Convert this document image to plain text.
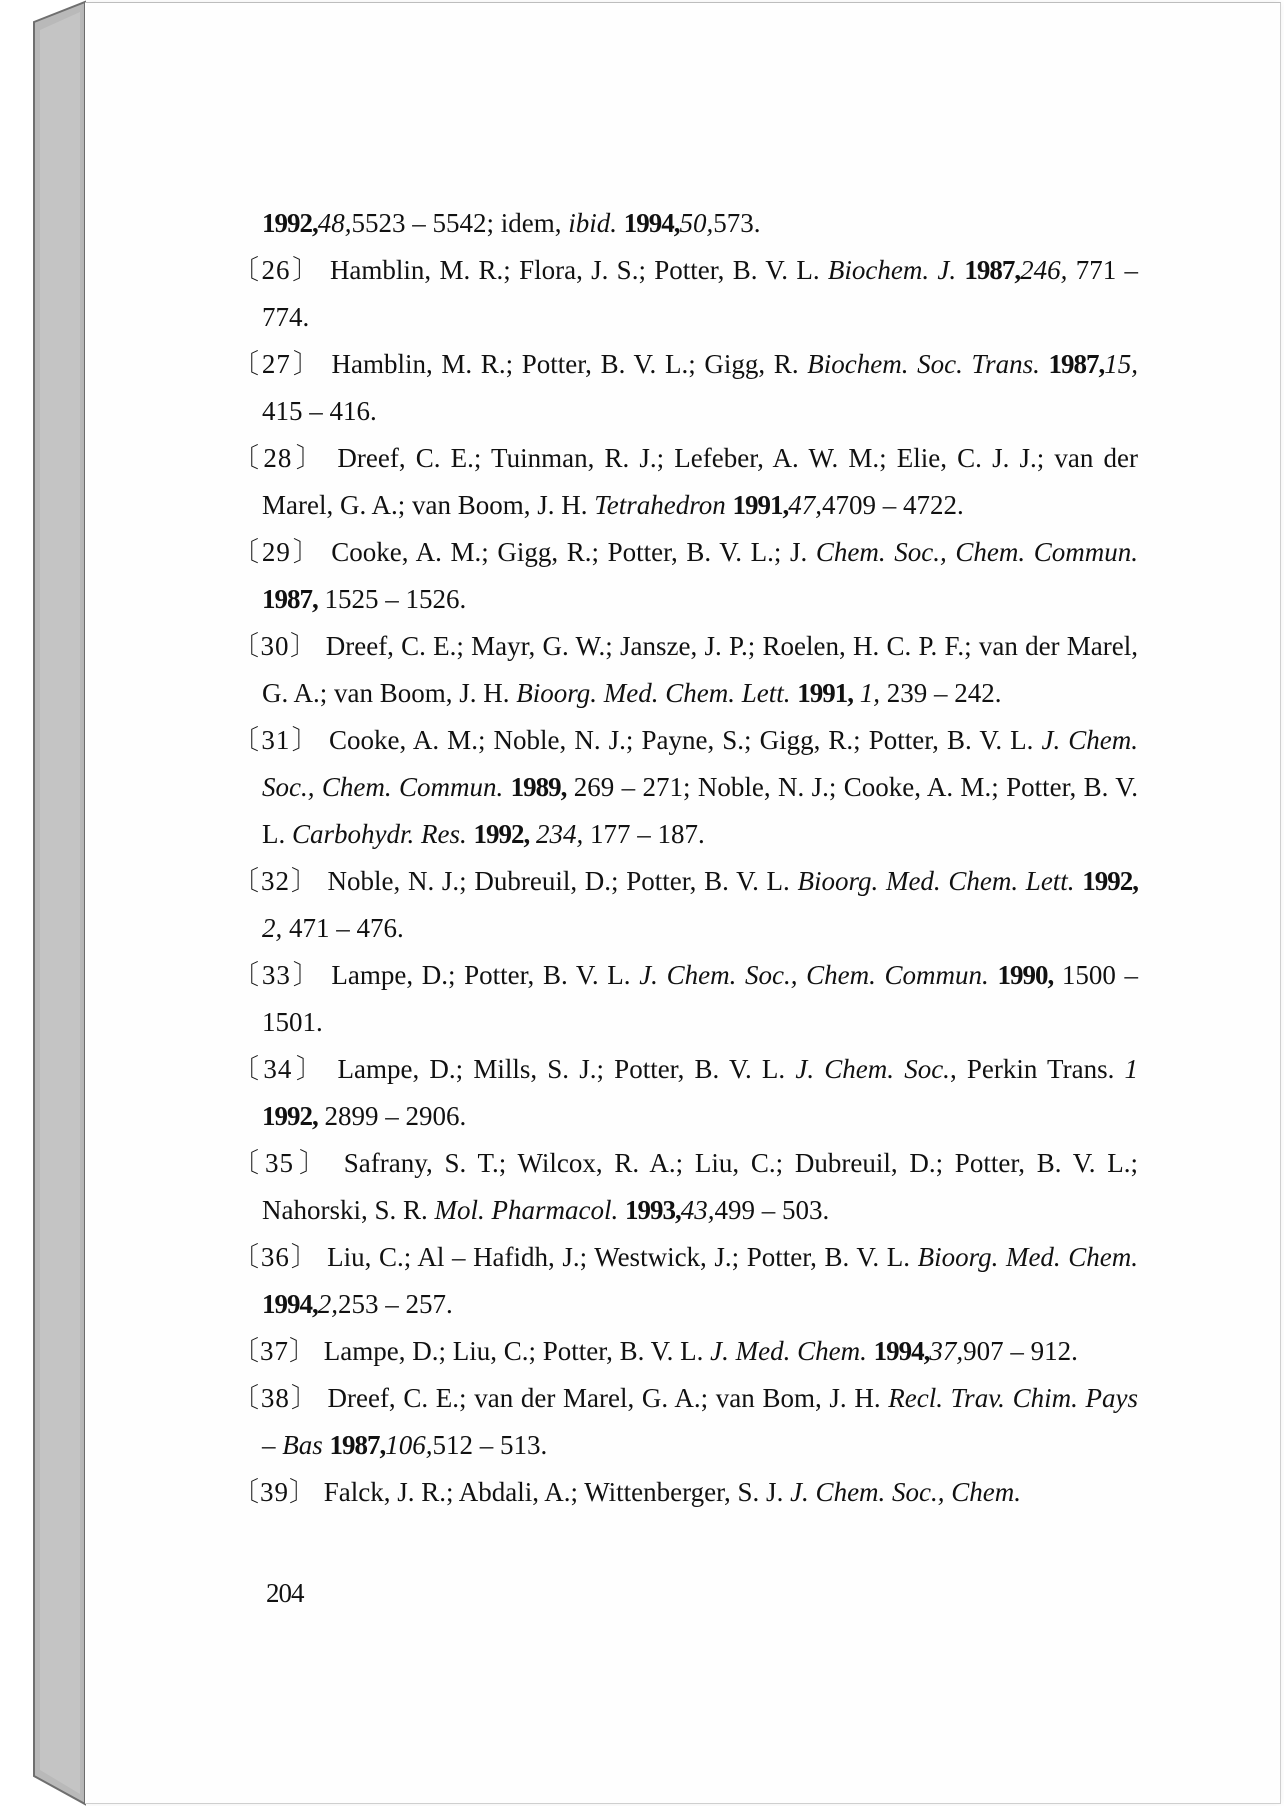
1992,48,5523 – 5542; idem, ibid. 1994,50,573.
〔26〕 Hamblin, M. R.; Flora, J. S.; Potter, B. V. L. Biochem. J. 1987,246, 771 – 774.
〔27〕 Hamblin, M. R.; Potter, B. V. L.; Gigg, R. Biochem. Soc. Trans. 1987,15, 415 – 416.
〔28〕 Dreef, C. E.; Tuinman, R. J.; Lefeber, A. W. M.; Elie, C. J. J.; van der Marel, G. A.; van Boom, J. H. Tetrahedron 1991,47,4709 – 4722.
〔29〕 Cooke, A. M.; Gigg, R.; Potter, B. V. L.; J. Chem. Soc., Chem. Commun. 1987, 1525 – 1526.
〔30〕 Dreef, C. E.; Mayr, G. W.; Jansze, J. P.; Roelen, H. C. P. F.; van der Marel, G. A.; van Boom, J. H. Bioorg. Med. Chem. Lett. 1991, 1, 239 – 242.
〔31〕 Cooke, A. M.; Noble, N. J.; Payne, S.; Gigg, R.; Potter, B. V. L. J. Chem. Soc., Chem. Commun. 1989, 269 – 271; Noble, N. J.; Cooke, A. M.; Potter, B. V. L. Carbohydr. Res. 1992, 234, 177 – 187.
〔32〕 Noble, N. J.; Dubreuil, D.; Potter, B. V. L. Bioorg. Med. Chem. Lett. 1992, 2, 471 – 476.
〔33〕 Lampe, D.; Potter, B. V. L. J. Chem. Soc., Chem. Commun. 1990, 1500 – 1501.
〔34〕 Lampe, D.; Mills, S. J.; Potter, B. V. L. J. Chem. Soc., Perkin Trans. 1 1992, 2899 – 2906.
〔35〕 Safrany, S. T.; Wilcox, R. A.; Liu, C.; Dubreuil, D.; Potter, B. V. L.; Nahorski, S. R. Mol. Pharmacol. 1993,43,499 – 503.
〔36〕 Liu, C.; Al – Hafidh, J.; Westwick, J.; Potter, B. V. L. Bioorg. Med. Chem. 1994,2,253 – 257.
〔37〕 Lampe, D.; Liu, C.; Potter, B. V. L. J. Med. Chem. 1994,37,907 – 912.
〔38〕 Dreef, C. E.; van der Marel, G. A.; van Bom, J. H. Recl. Trav. Chim. Pays – Bas 1987,106,512 – 513.
〔39〕 Falck, J. R.; Abdali, A.; Wittenberger, S. J. J. Chem. Soc., Chem.
204
